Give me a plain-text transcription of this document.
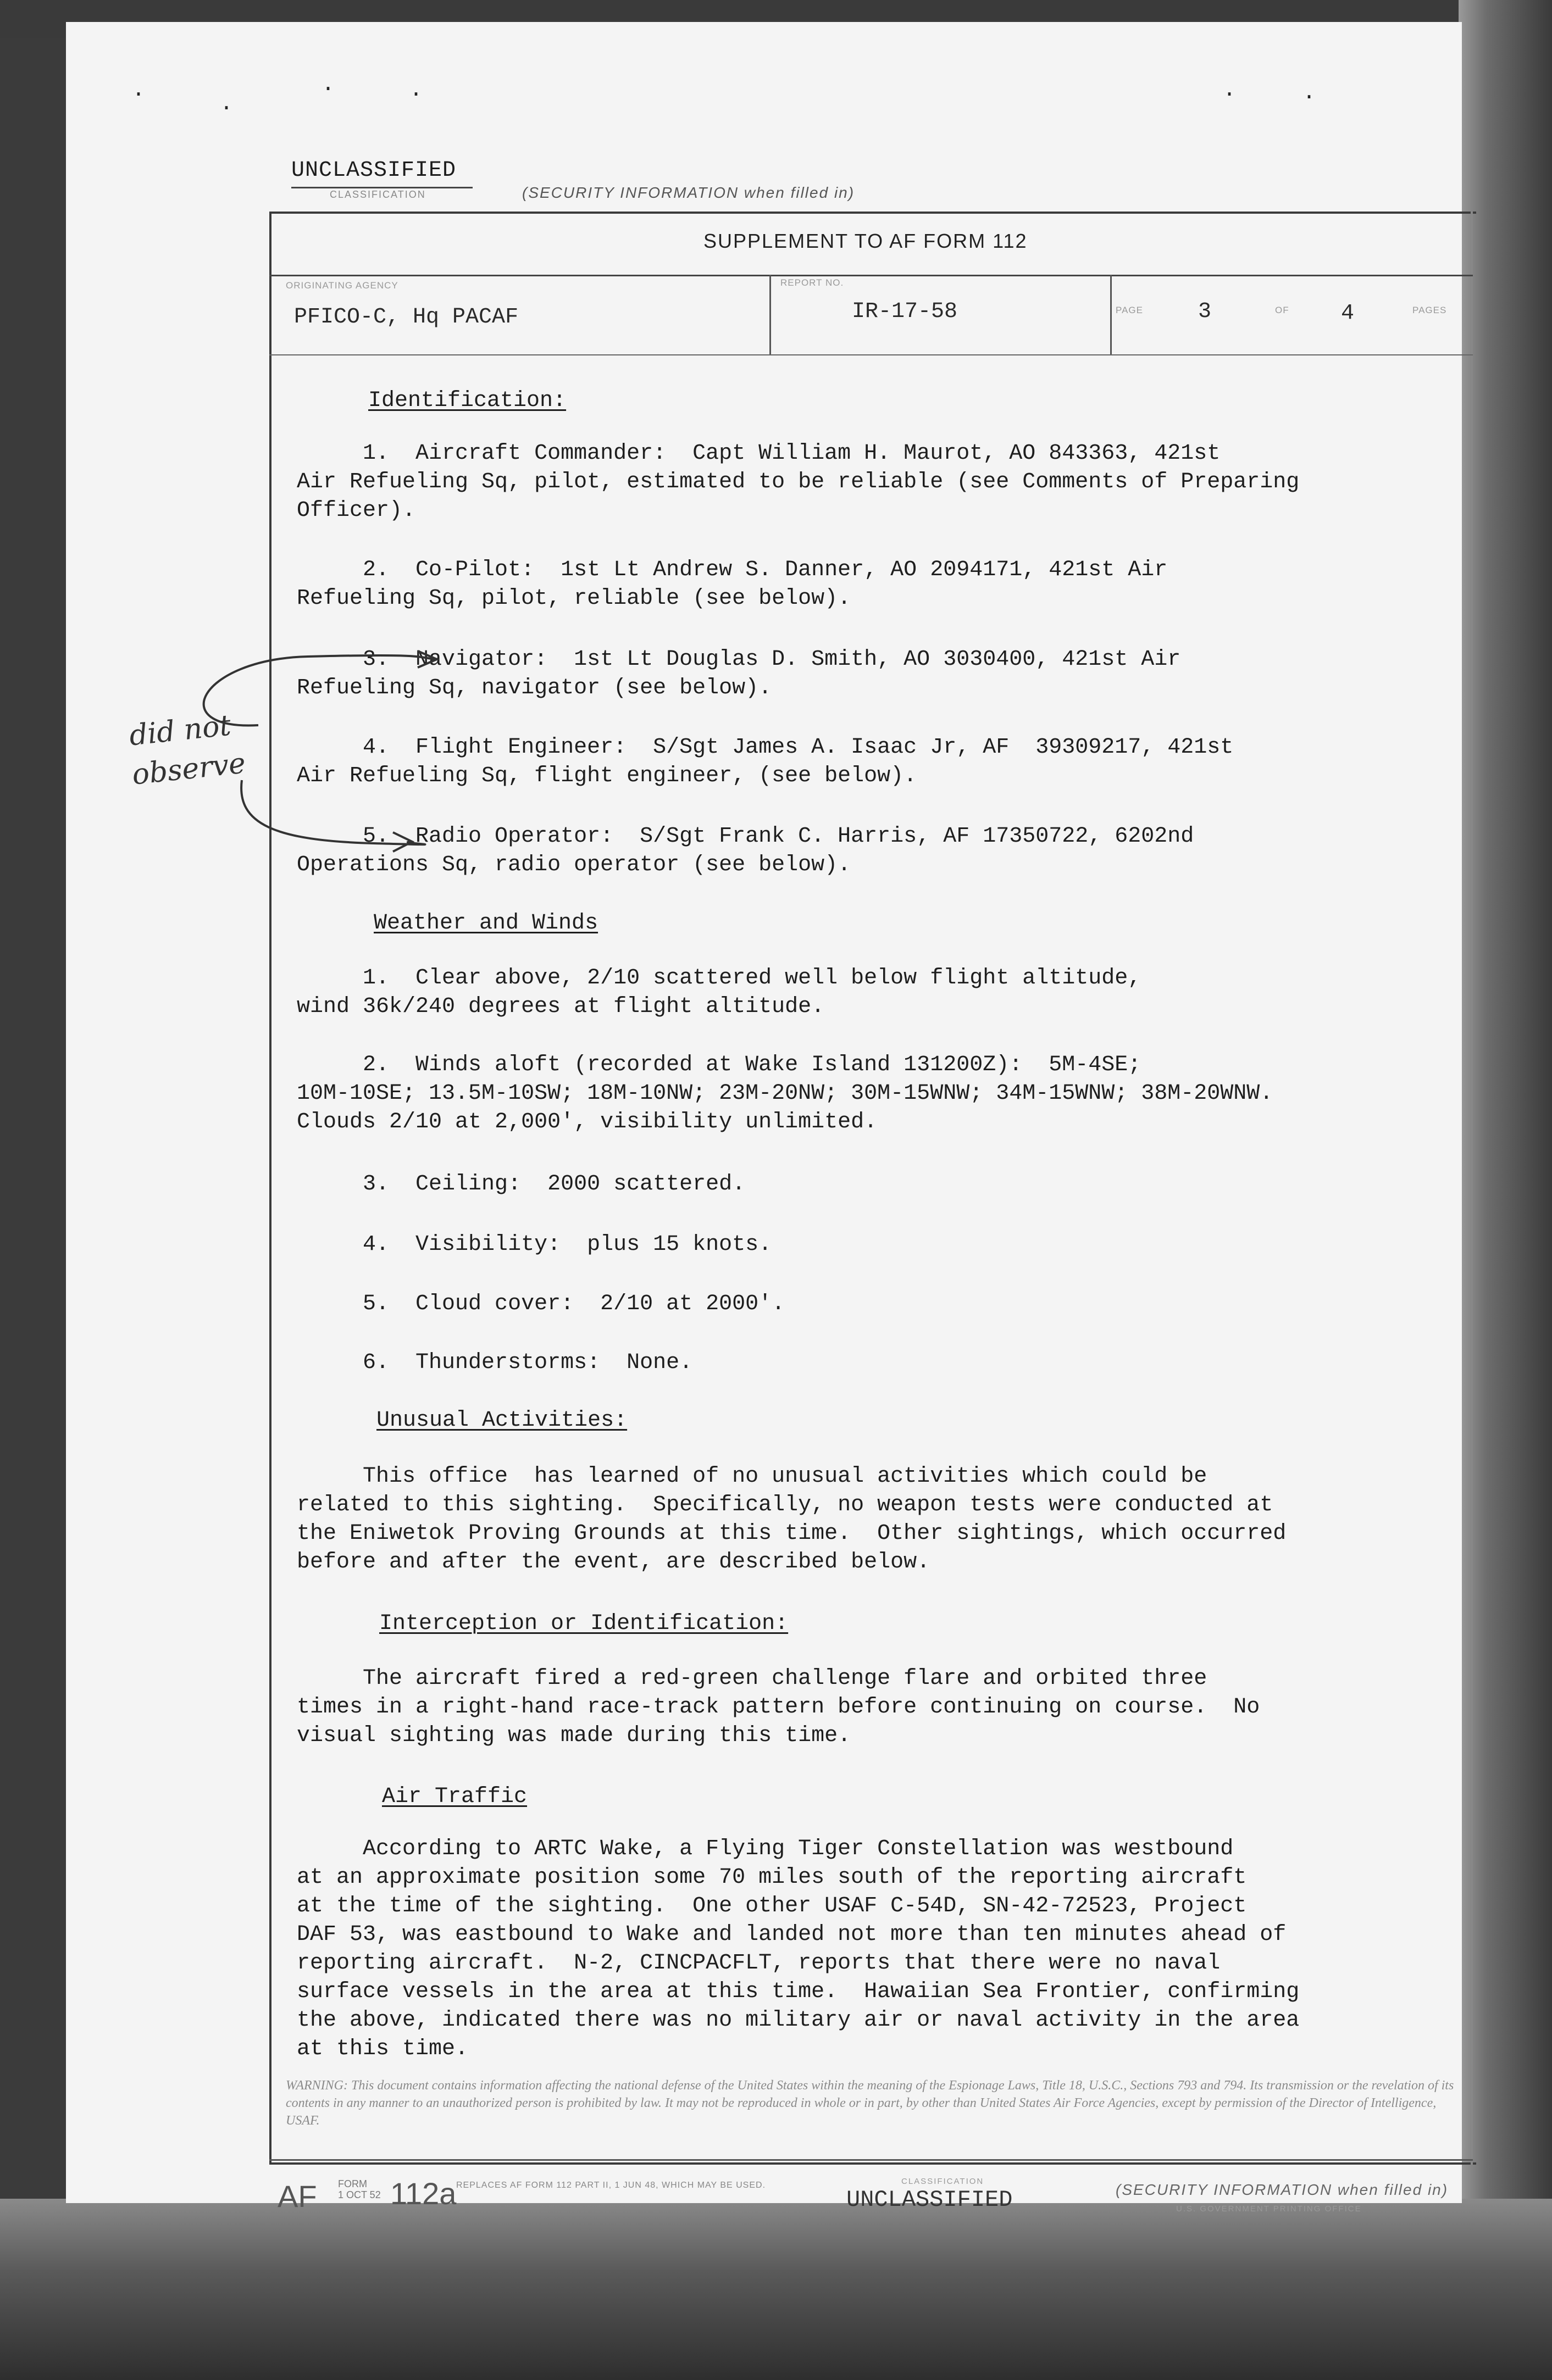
·
·
·	·	·	·
UNCLASSIFIED
CLASSIFICATION	(SECURITY INFORMATION when filled in)
SUPPLEMENT TO AF FORM 112
ORIGINATING AGENCY
PFICO-C, Hq PACAF
REPORT NO.
IR-17-58	PAGE	3	OF 4	PAGES
Identification:
1.  Aircraft Commander:  Capt William H. Maurot, AO 843363, 421st
Air Refueling Sq, pilot, estimated to be reliable (see Comments of Preparing
Officer).
2.  Co-Pilot:  1st Lt Andrew S. Danner, AO 2094171, 421st Air
Refueling Sq, pilot, reliable (see below).
3.  Navigator:  1st Lt Douglas D. Smith, AO 3030400, 421st Air
Refueling Sq, navigator (see below).
4.  Flight Engineer:  S/Sgt James A. Isaac Jr, AF  39309217, 421st
Air Refueling Sq, flight engineer, (see below).
5.  Radio Operator:  S/Sgt Frank C. Harris, AF 17350722, 6202nd
Operations Sq, radio operator (see below).
Weather and Winds
1.  Clear above, 2/10 scattered well below flight altitude,
wind 36k/240 degrees at flight altitude.
2.  Winds aloft (recorded at Wake Island 131200Z):  5M-4SE;
10M-10SE; 13.5M-10SW; 18M-10NW; 23M-20NW; 30M-15WNW; 34M-15WNW; 38M-20WNW.
Clouds 2/10 at 2,000', visibility unlimited.
3.  Ceiling:  2000 scattered.
4.  Visibility:  plus 15 knots.
5.  Cloud cover:  2/10 at 2000'.
6.  Thunderstorms:  None.
Unusual Activities:
This office  has learned of no unusual activities which could be
related to this sighting.  Specifically, no weapon tests were conducted at
the Eniwetok Proving Grounds at this time.  Other sightings, which occurred
before and after the event, are described below.
Interception or Identification:
The aircraft fired a red-green challenge flare and orbited three
times in a right-hand race-track pattern before continuing on course.  No
visual sighting was made during this time.
Air Traffic
According to ARTC Wake, a Flying Tiger Constellation was westbound
at an approximate position some 70 miles south of the reporting aircraft
at the time of the sighting.  One other USAF C-54D, SN-42-72523, Project
DAF 53, was eastbound to Wake and landed not more than ten minutes ahead of
reporting aircraft.  N-2, CINCPACFLT, reports that there were no naval
surface vessels in the area at this time.  Hawaiian Sea Frontier, confirming
the above, indicated there was no military air or naval activity in the area
at this time.
did not
observe
WARNING: This document contains information affecting the national defense of the United States within the meaning of the Espionage Laws, Title 18, U.S.C., Sections 793 and 794. Its transmission or the revelation of its contents in any manner to an unauthorized person is prohibited by law. It may not be reproduced in whole or in part, by other than United States Air Force Agencies, except by permission of the Director of Intelligence, USAF.
AF FORM
1 OCT 52 112a REPLACES AF FORM 112 PART II, 1 JUN 48, WHICH MAY BE USED.	CLASSIFICATION
UNCLASSIFIED	(SECURITY INFORMATION when filled in)
U.S. GOVERNMENT PRINTING OFFICE
